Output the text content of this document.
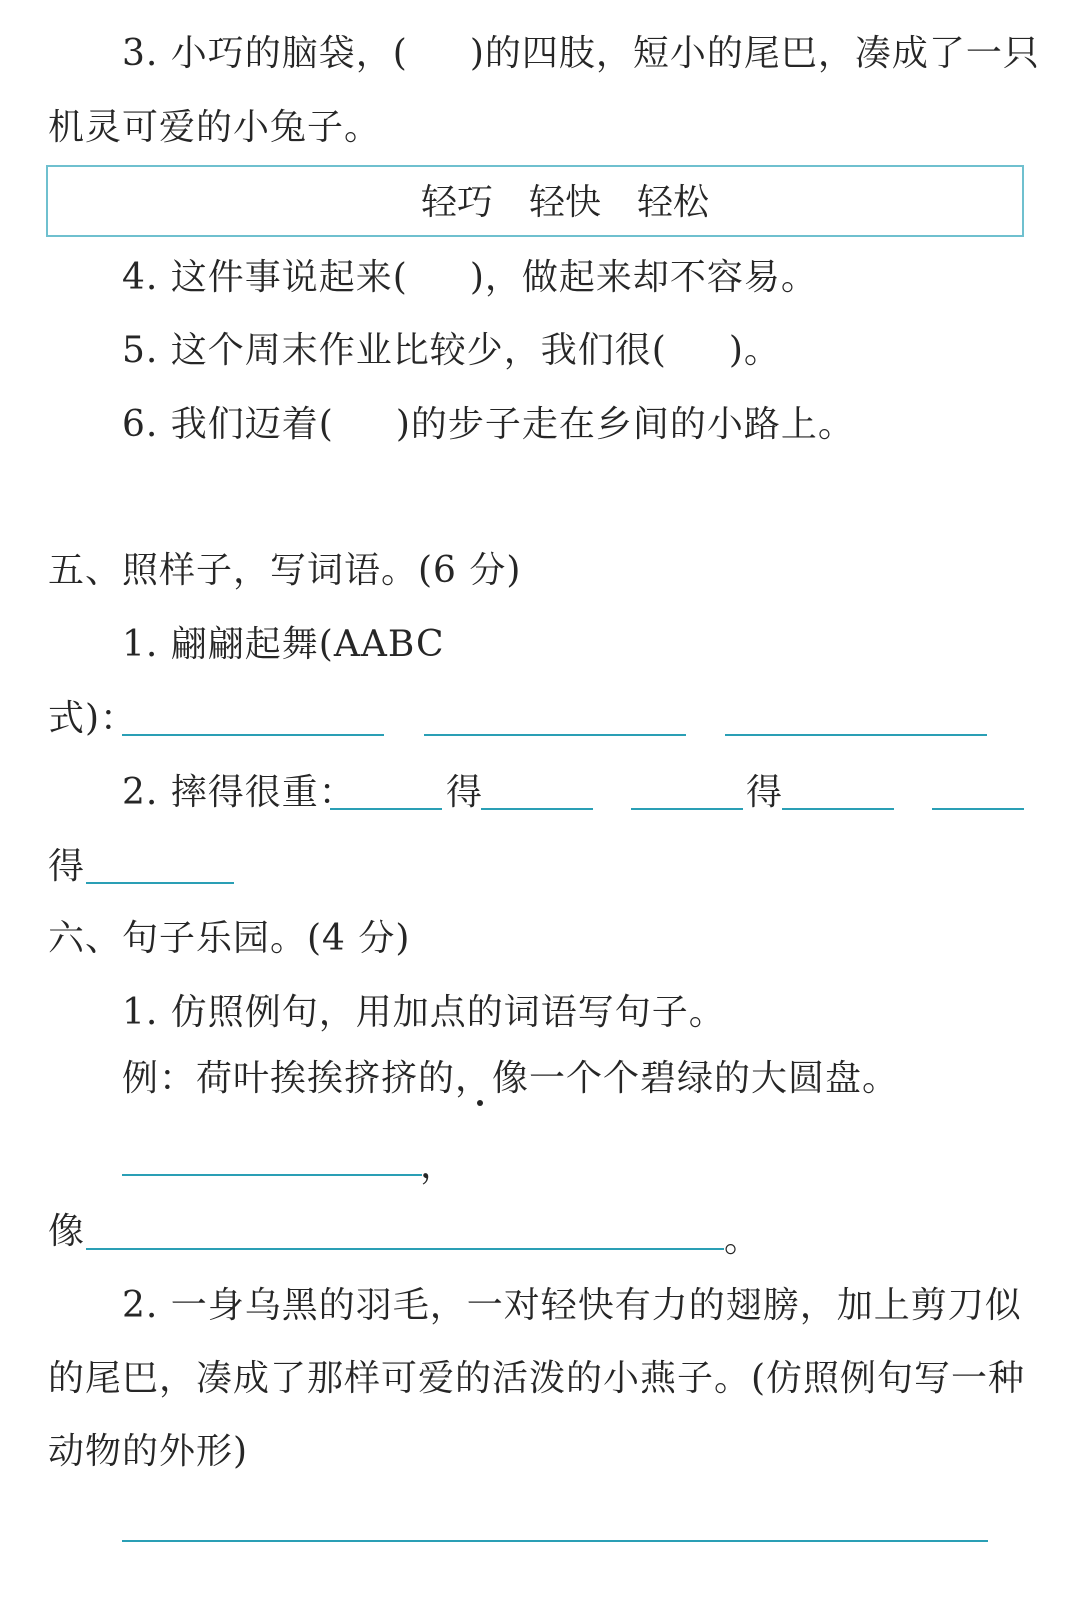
3. 小巧的脑袋，( )的四肢，短小的尾巴，凑成了一只
机灵可爱的小兔子。
轻巧 轻快 轻松
4. 这件事说起来( )，做起来却不容易。
5. 这个周末作业比较少，我们很( )。
6. 我们迈着( )的步子走在乡间的小路上。
五、照样子，写词语。(6 分)
1. 翩翩起舞(AABC
式)：
2. 摔得很重：	得	得
得
六、句子乐园。(4 分)
1. 仿照例句，用加点的词语写句子。
例：荷叶挨挨挤挤的，像一个个碧绿的大圆盘。
，
像	。
2. 一身乌黑的羽毛，一对轻快有力的翅膀，加上剪刀似
的尾巴，凑成了那样可爱的活泼的小燕子。(仿照例句写一种
动物的外形)
